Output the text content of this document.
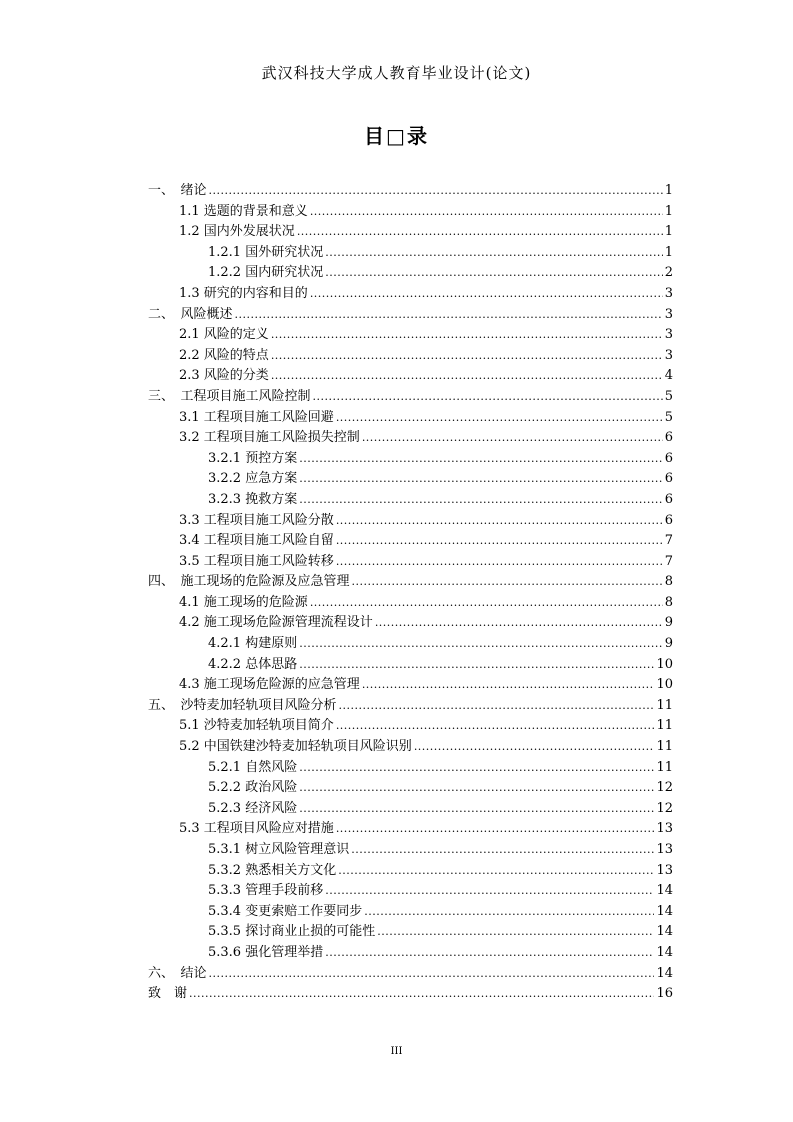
武汉科技大学成人教育毕业设计(论文)
目□录
一、　绪论 .....	1
1.1 选题的背景和意义 .....	1
1.2 国内外发展状况 .....	1
1.2.1 国外研究状况 .....	1
1.2.2 国内研究状况 .....	2
1.3 研究的内容和目的 .....	3
二、　风险概述 .....	3
2.1 风险的定义 .....	3
2.2 风险的特点 .....	3
2.3 风险的分类 .....	4
三、　工程项目施工风险控制 .....	5
3.1 工程项目施工风险回避 .....	5
3.2 工程项目施工风险损失控制 .....	6
3.2.1 预控方案 .....	6
3.2.2 应急方案 .....	6
3.2.3 挽救方案 .....	6
3.3 工程项目施工风险分散 .....	6
3.4 工程项目施工风险自留 .....	7
3.5 工程项目施工风险转移 .....	7
四、　施工现场的危险源及应急管理 .....	8
4.1 施工现场的危险源 .....	8
4.2 施工现场危险源管理流程设计 .....	9
4.2.1 构建原则 .....	9
4.2.2 总体思路 .....	10
4.3 施工现场危险源的应急管理 .....	10
五、　沙特麦加轻轨项目风险分析 .....	11
5.1 沙特麦加轻轨项目简介 .....	11
5.2 中国铁建沙特麦加轻轨项目风险识别 .....	11
5.2.1 自然风险 .....	11
5.2.2 政治风险 .....	12
5.2.3 经济风险 .....	12
5.3 工程项目风险应对措施 .....	13
5.3.1 树立风险管理意识 .....	13
5.3.2 熟悉相关方文化 .....	13
5.3.3 管理手段前移 .....	14
5.3.4 变更索赔工作要同步 .....	14
5.3.5 探讨商业止损的可能性 .....	14
5.3.6 强化管理举措 .....	14
六、　结论 .....	14
致　谢 .....	16
III
